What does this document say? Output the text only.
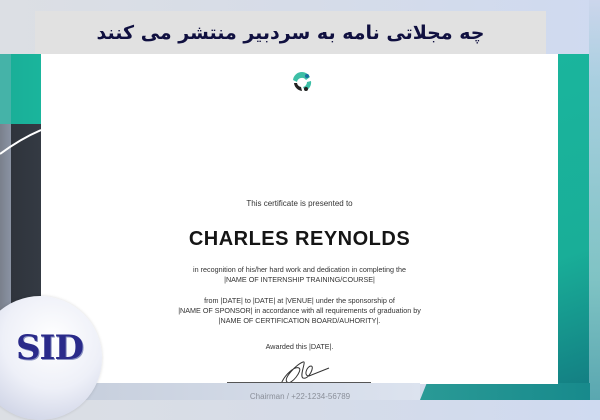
چه مجلاتی نامه به سردبیر منتشر می کنند
This certificate is presented to
CHARLES REYNOLDS
in recognition of his/her hard work and dedication in completing the
|NAME OF INTERNSHIP TRAINING/COURSE|
from |DATE| to |DATE| at |VENUE| under the sponsorship of
|NAME OF SPONSOR| in accordance with all requirements of graduation by
|NAME OF CERTIFICATION BOARD/AUHORITY|.
Awarded this |DATE|.
Chairman / +22-1234-56789
SID
